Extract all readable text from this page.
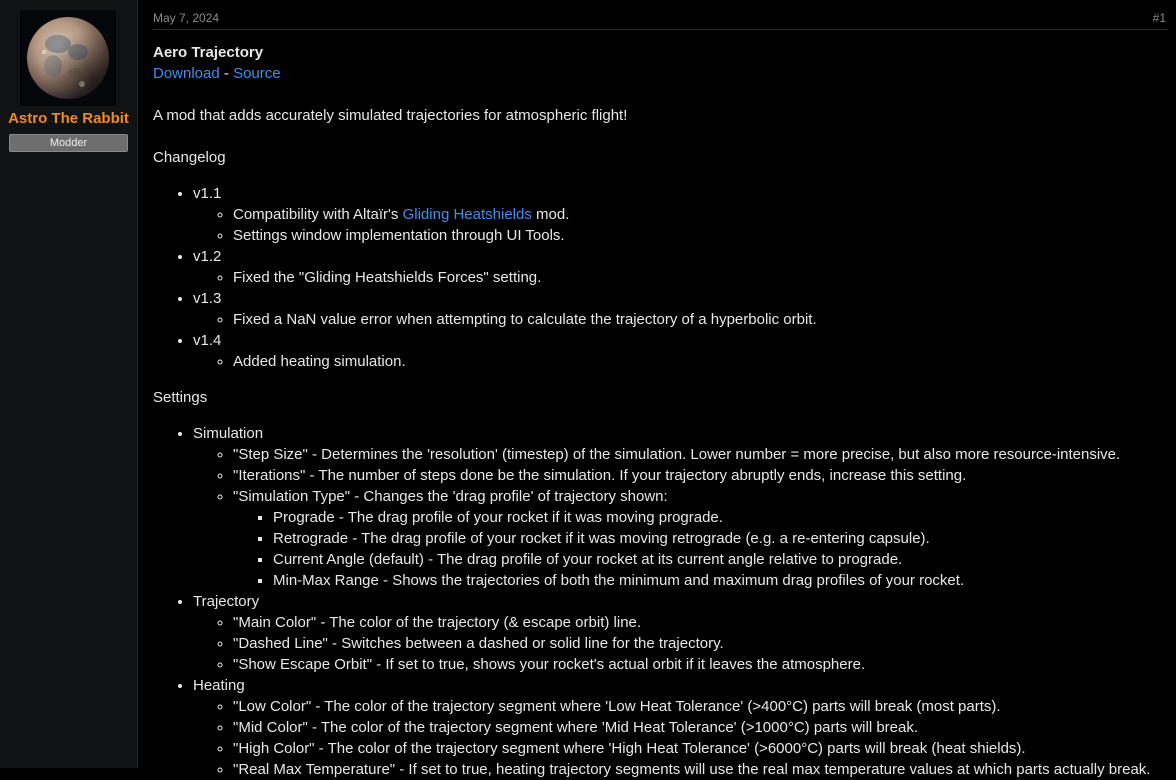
Astro The Rabbit
Modder
May 7, 2024	#1

Aero Trajectory

Download - Source

A mod that adds accurately simulated trajectories for atmospheric flight!

Changelog

• v1.1
◦ Compatibility with Altaïr's Gliding Heatshields mod.
◦ Settings window implementation through UI Tools.
• v1.2
◦ Fixed the "Gliding Heatshields Forces" setting.
• v1.3
◦ Fixed a NaN value error when attempting to calculate the trajectory of a hyperbolic orbit.
• v1.4
◦ Added heating simulation.

Settings

• Simulation
◦ "Step Size" - Determines the 'resolution' (timestep) of the simulation. Lower number = more precise, but also more resource-intensive.
◦ "Iterations" - The number of steps done be the simulation. If your trajectory abruptly ends, increase this setting.
◦ "Simulation Type" - Changes the 'drag profile' of trajectory shown:
▪ Prograde - The drag profile of your rocket if it was moving prograde.
▪ Retrograde - The drag profile of your rocket if it was moving retrograde (e.g. a re-entering capsule).
▪ Current Angle (default) - The drag profile of your rocket at its current angle relative to prograde.
▪ Min-Max Range - Shows the trajectories of both the minimum and maximum drag profiles of your rocket.
• Trajectory
◦ "Main Color" - The color of the trajectory (& escape orbit) line.
◦ "Dashed Line" - Switches between a dashed or solid line for the trajectory.
◦ "Show Escape Orbit" - If set to true, shows your rocket's actual orbit if it leaves the atmosphere.
• Heating
◦ "Low Color" - The color of the trajectory segment where 'Low Heat Tolerance' (>400°C) parts will break (most parts).
◦ "Mid Color" - The color of the trajectory segment where 'Mid Heat Tolerance' (>1000°C) parts will break.
◦ "High Color" - The color of the trajectory segment where 'High Heat Tolerance' (>6000°C) parts will break (heat shields).
◦ "Real Max Temperature" - If set to true, heating trajectory segments will use the real max temperature values at which parts actually break.
